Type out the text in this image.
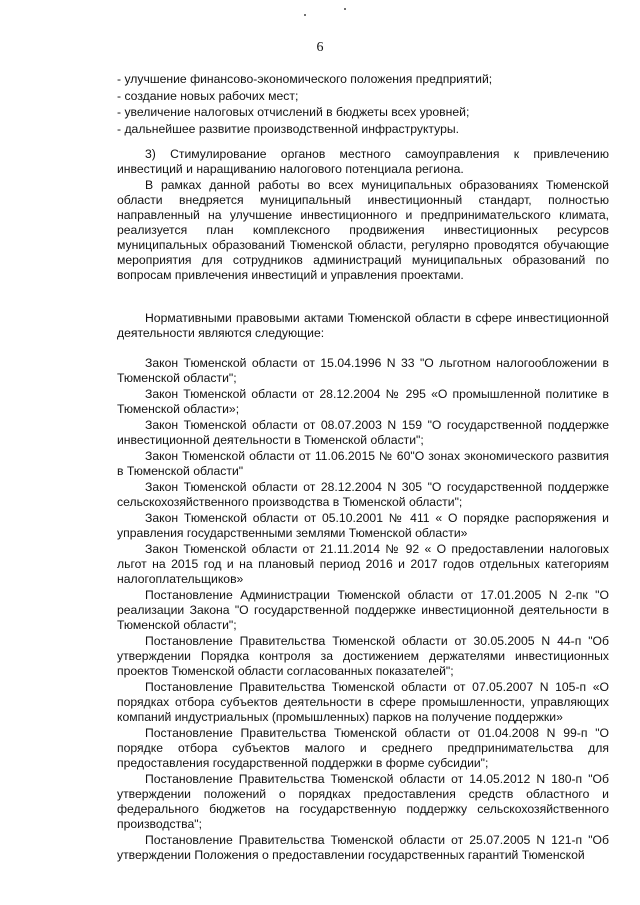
6
- улучшение финансово-экономического положения предприятий;
- создание новых рабочих мест;
- увеличение налоговых отчислений в бюджеты всех уровней;
- дальнейшее развитие производственной инфраструктуры.

3) Стимулирование органов местного самоуправления к привлечению инвестиций и наращиванию налогового потенциала региона.

В рамках данной работы во всех муниципальных образованиях Тюменской области внедряется муниципальный инвестиционный стандарт, полностью направленный на улучшение инвестиционного и предпринимательского климата, реализуется план комплексного продвижения инвестиционных ресурсов муниципальных образований Тюменской области, регулярно проводятся обучающие мероприятия для сотрудников администраций муниципальных образований по вопросам привлечения инвестиций и управления проектами.

Нормативными правовыми актами Тюменской области в сфере инвестиционной деятельности являются следующие:

Закон Тюменской области от 15.04.1996 N 33 "О льготном налогообложении в Тюменской области";

Закон Тюменской области от 28.12.2004 № 295 «О промышленной политике в Тюменской области»;

Закон Тюменской области от 08.07.2003 N 159 "О государственной поддержке инвестиционной деятельности в Тюменской области";

Закон Тюменской области от 11.06.2015 № 60"О зонах экономического развития в Тюменской области"

Закон Тюменской области от 28.12.2004 N 305 "О государственной поддержке сельскохозяйственного производства в Тюменской области";

Закон Тюменской области от 05.10.2001 № 411 « О порядке распоряжения и управления государственными землями Тюменской области»

Закон Тюменской области от 21.11.2014 № 92 « О предоставлении налоговых льгот на 2015 год и на плановый период 2016 и 2017 годов отдельных категориям налогоплательщиков»

Постановление Администрации Тюменской области от 17.01.2005 N 2-пк "О реализации Закона "О государственной поддержке инвестиционной деятельности в Тюменской области";

Постановление Правительства Тюменской области от 30.05.2005 N 44-п "Об утверждении Порядка контроля за достижением держателями инвестиционных проектов Тюменской области согласованных показателей";

Постановление Правительства Тюменской области от 07.05.2007 N 105-п «О порядках отбора субъектов деятельности в сфере промышленности, управляющих компаний индустриальных (промышленных) парков на получение поддержки»

Постановление Правительства Тюменской области от 01.04.2008 N 99-п "О порядке отбора субъектов малого и среднего предпринимательства для предоставления государственной поддержки в форме субсидии";

Постановление Правительства Тюменской области от 14.05.2012 N 180-п "Об утверждении положений о порядках предоставления средств областного и федерального бюджетов на государственную поддержку сельскохозяйственного производства";

Постановление Правительства Тюменской области от 25.07.2005 N 121-п "Об утверждении Положения о предоставлении государственных гарантий Тюменской
